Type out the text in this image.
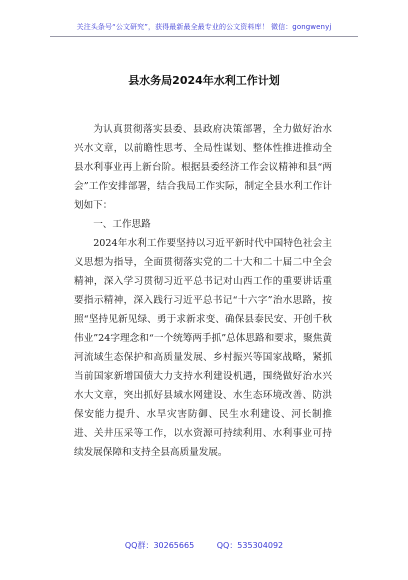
关注头条号“公文研究”，获得最新最全最专业的公文资料库！ 微信：gongwenyj
县水务局2024年水利工作计划

为认真贯彻落实县委、县政府决策部署，全力做好治水兴水文章，以前瞻性思考、全局性谋划、整体性推进推动全县水利事业再上新台阶。根据县委经济工作会议精神和县“两会”工作安排部署，结合我局工作实际，制定全县水利工作计划如下：

一、工作思路

2024年水利工作要坚持以习近平新时代中国特色社会主义思想为指导，全面贯彻落实党的二十大和二十届二中全会精神，深入学习贯彻习近平总书记对山西工作的重要讲话重要指示精神，深入践行习近平总书记“十六字”治水思路，按照“坚持见新见绿、勇于求新求变、确保县泰民安、开创千秋伟业”24字理念和“一个统筹两手抓”总体思路和要求，聚焦黄河流域生态保护和高质量发展、乡村振兴等国家战略，紧抓当前国家新增国债大力支持水利建设机遇，围绕做好治水兴水大文章，突出抓好县域水网建设、水生态环境改善、防洪保安能力提升、水旱灾害防御、民生水利建设、河长制推进、关井压采等工作，以水资源可持续利用、水利事业可持续发展保障和支持全县高质量发展。

QQ群：30265665	QQ：535304092
